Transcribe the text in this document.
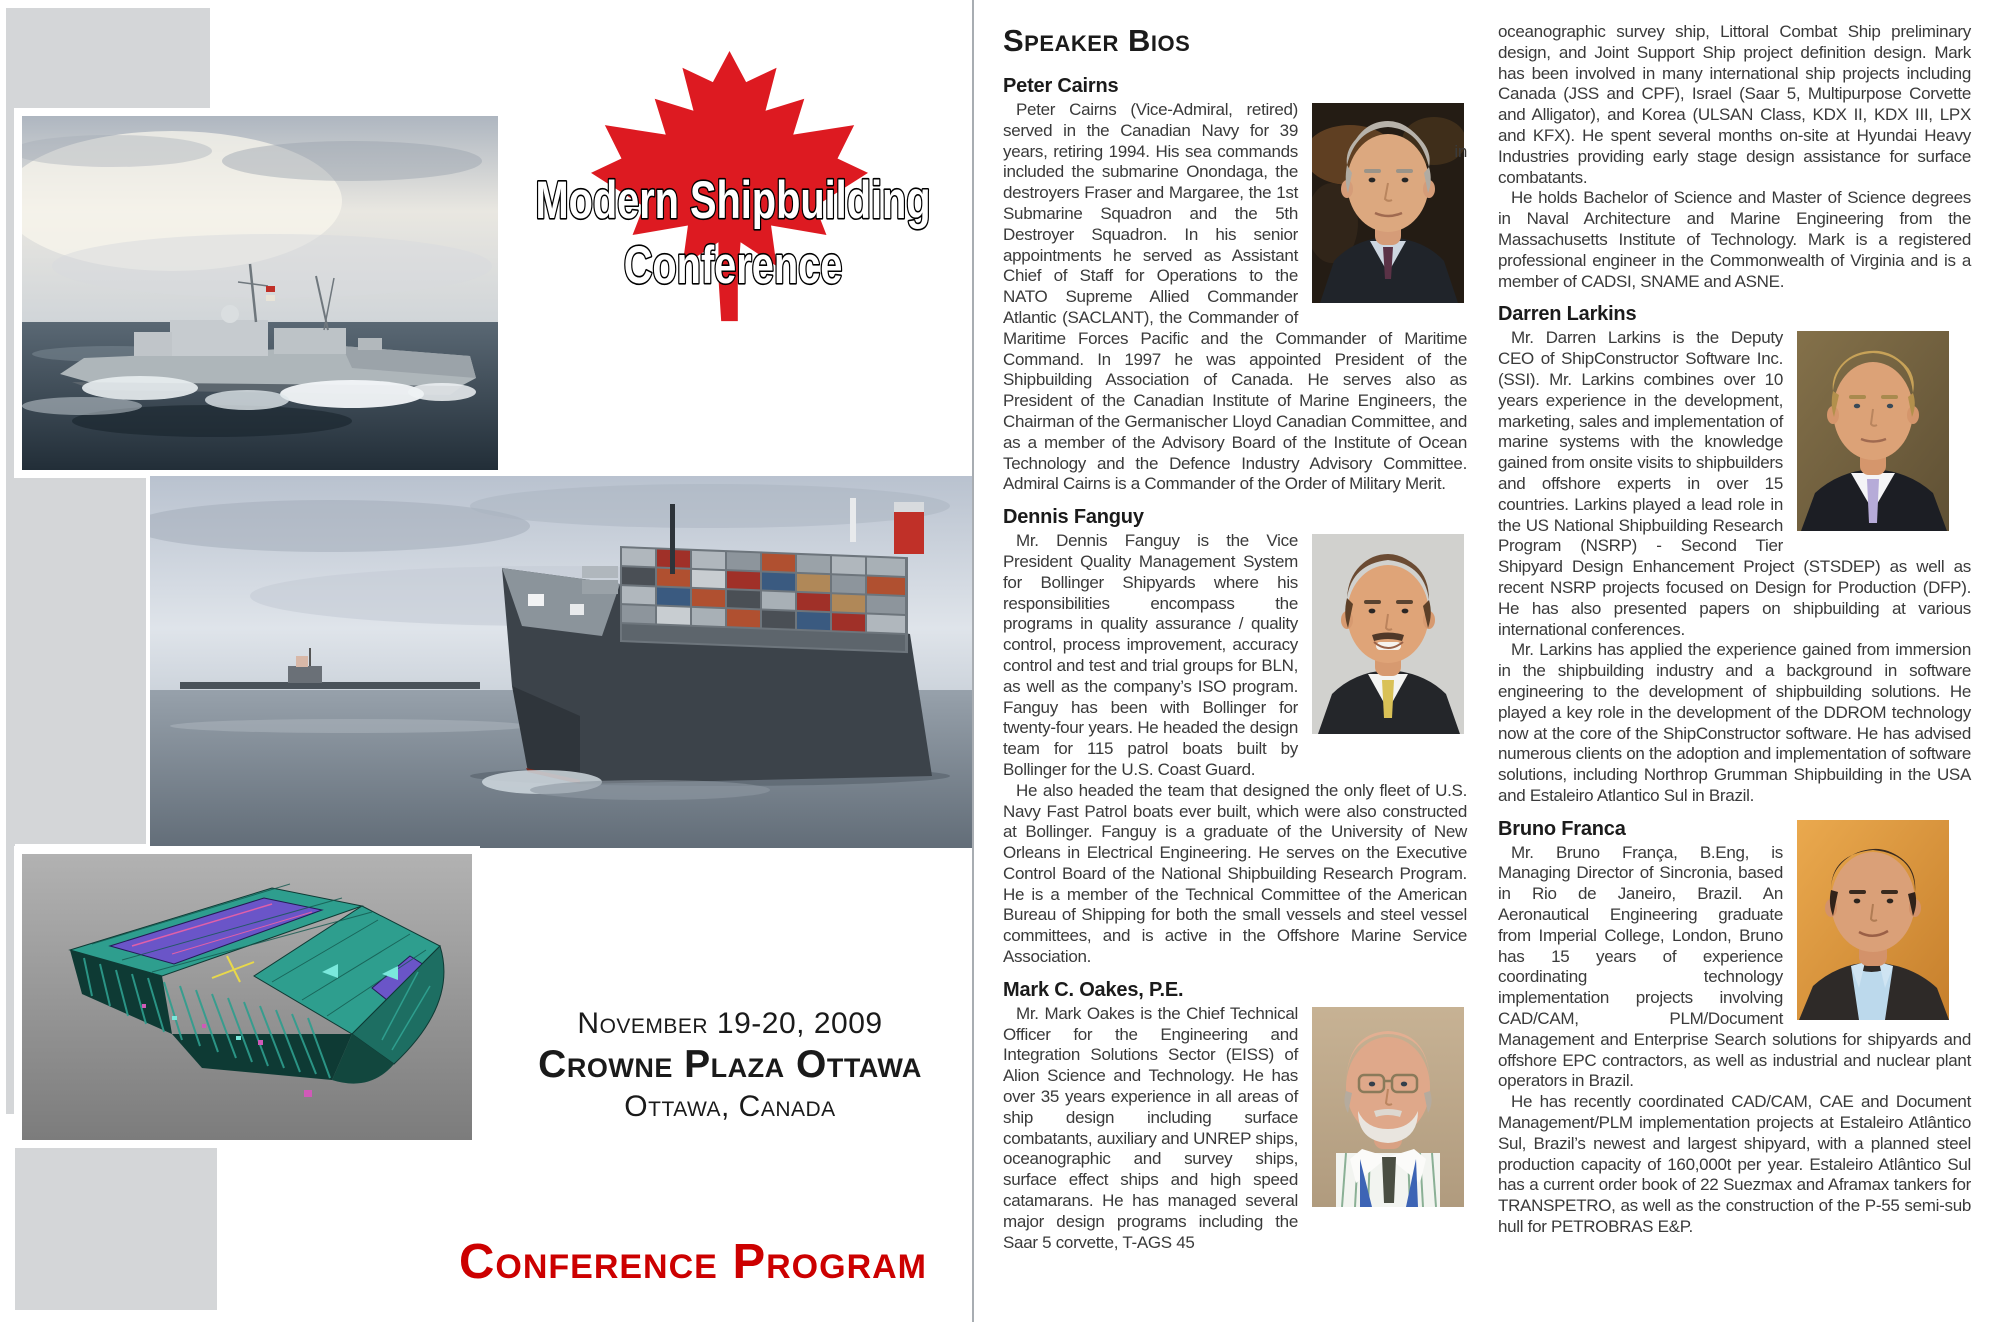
Modern Shipbuilding
Conference
November 19-20, 2009
Crowne Plaza Ottawa
Ottawa, Canada
Conference Program
Speaker Bios
Peter Cairns

Peter Cairns (Vice-Admiral, retired) served in the Canadian Navy for 39 years, retiring	in
1994. His sea commands included the submarine Onondaga, the destroyers Fraser and Margaree, the 1st Submarine Squadron and the 5th Destroyer Squadron. In his senior appointments he served as Assistant Chief of Staff for Operations to the NATO Supreme Allied Commander Atlantic (SACLANT), the Commander of Maritime Forces Pacific and the Commander of Maritime Command. In 1997 he was appointed President of the Shipbuilding Association of Canada. He serves also as President of the Canadian Institute of Marine Engineers, the Chairman of the Germanischer Lloyd Canadian Committee, and as a member of the Advisory Board of the Institute of Ocean Technology and the Defence Industry Advisory Committee. Admiral Cairns is a Commander of the Order of Military Merit.

Dennis Fanguy

Mr. Dennis Fanguy is the Vice President Quality Management System for Bollinger Shipyards where his responsibilities encompass the programs in quality assurance / quality control, process improvement, accuracy control and test and trial groups for BLN, as well as the company’s ISO program. Fanguy has been with Bollinger for twenty-four years. He headed the design team for 115 patrol boats built by Bollinger for the U.S. Coast Guard.

He also headed the team that designed the only fleet of U.S. Navy Fast Patrol boats ever built, which were also constructed at Bollinger. Fanguy is a graduate of the University of New Orleans in Electrical Engineering. He serves on the Executive Control Board of the National Shipbuilding Research Program. He is a member of the Technical Committee of the American Bureau of Shipping for both the small vessels and steel vessel committees, and is active in the Offshore Marine Service Association.

Mark C. Oakes, P.E.

Mr. Mark Oakes is the Chief Technical Officer for the Engineering and Integration Solutions Sector (EISS) of Alion Science and Technology. He has over 35 years experience in all areas of ship design including surface combatants, auxiliary and UNREP ships, oceanographic and survey ships, surface effect ships and high speed catamarans. He has managed several major design programs including the Saar 5 corvette, T-AGS 45

oceanographic survey ship, Littoral Combat Ship preliminary design, and Joint Support Ship project definition design. Mark has been involved in many international ship projects including Canada (JSS and CPF), Israel (Saar 5, Multipurpose Corvette and Alligator), and Korea (ULSAN Class, KDX II, KDX III, LPX and KFX). He spent several months on-site at Hyundai Heavy Industries providing early stage design assistance for surface combatants.

He holds Bachelor of Science and Master of Science degrees in Naval Architecture and Marine Engineering from the Massachusetts Institute of Technology. Mark is a registered professional engineer in the Commonwealth of Virginia and is a member of CADSI, SNAME and ASNE.

Darren Larkins

Mr. Darren Larkins is the Deputy CEO of ShipConstructor Software Inc. (SSI). Mr. Larkins combines over 10 years experience in the development, marketing, sales and implementation of marine systems with the knowledge gained from onsite visits to shipbuilders and offshore experts in over 15 countries. Larkins played a lead role in the US National Shipbuilding Research Program (NSRP) - Second Tier Shipyard Design Enhancement Project (STSDEP) as well as recent NSRP projects focused on Design for Production (DFP). He has also presented papers on shipbuilding at various international conferences.

Mr. Larkins has applied the experience gained from immersion in the shipbuilding industry and a background in software engineering to the development of shipbuilding solutions. He played a key role in the development of the DDROM technology now at the core of the ShipConstructor software. He has advised numerous clients on the adoption and implementation of software solutions, including Northrop Grumman Shipbuilding in the USA and Estaleiro Atlantico Sul in Brazil.

Bruno Franca

Mr. Bruno França, B.Eng, is Managing Director of Sincronia, based in Rio de Janeiro, Brazil. An Aeronautical Engineering graduate from Imperial College, London, Bruno has 15 years of experience coordinating technology implementation projects involving CAD/CAM, PLM/Document Management and Enterprise Search solutions for shipyards and offshore EPC contractors, as well as industrial and nuclear plant operators in Brazil.

He has recently coordinated CAD/CAM, CAE and Document Management/PLM implementation projects at Estaleiro Atlântico Sul, Brazil’s newest and largest shipyard, with a planned steel production capacity of 160,000t per year. Estaleiro Atlântico Sul has a current order book of 22 Suezmax and Aframax tankers for TRANSPETRO, as well as the construction of the P-55 semi-sub hull for PETROBRAS E&P.
